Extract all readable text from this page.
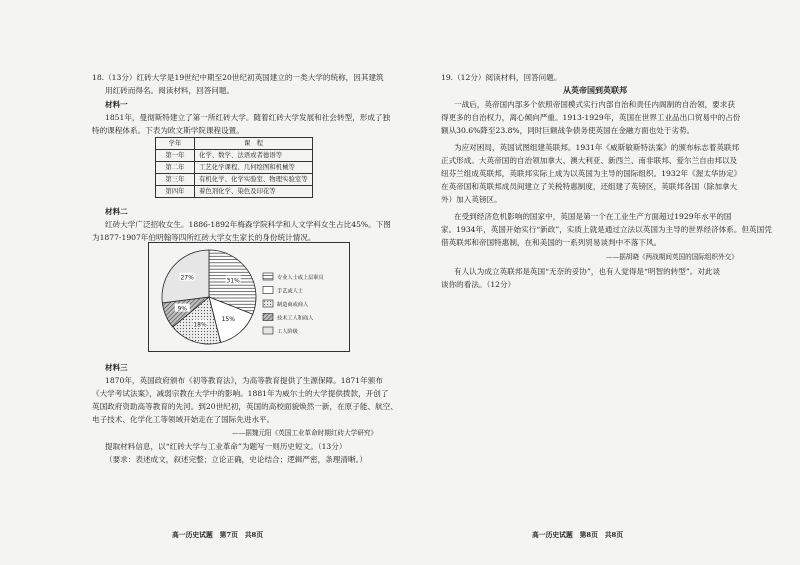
18.（13分）红砖大学是19世纪中期至20世纪初英国建立的一类大学的统称，因其建筑
用红砖而得名。阅读材料，回答问题。
材料一
1851年，曼彻斯特建立了第一所红砖大学。随着红砖大学发展和社会转型，形成了独
特的课程体系。下表为欧文斯学院课程设置。
学年	课　程
第一年	化学、数学、法语或者德语等
第二年	工艺化学课程、几何绘图和机械等
第三年	有机化学、化学实验室、物理实验室等
第四年	着色剂化学、染色及印花等
材料二
红砖大学广泛招收女生。1886-1892年梅森学院科学和人文学科女生占比45%。下图
为1877-1907年伯明翰等四所红砖大学女生家长的身份统计情况。
31%
15%
18%
9%
27%	专业人士或上层职员
手艺或人士
制造商或商人
技术工人和商人
工人阶级
材料三
1870年，英国政府颁布《初等教育法》，为高等教育提供了生源保障。1871年颁布
《大学考试法案》，减弱宗教在大学中的影响。1881年为威尔士的大学提供拨款，开创了
英国政府资助高等教育的先河。到20世纪初，英国的高校面貌焕然一新，在原子能、航空、
电子技术、化学化工等领域开始走在了国际先进水平。
——据魏元阳《英国工业革命时期红砖大学研究》
提取材料信息，以“红砖大学与工业革命”为题写一则历史短文。（13分）
（要求：表述成文，叙述完整；立论正确，史论结合；逻辑严密，条理清晰。）
高一历史试题　第7页　共8页
19.（12分）阅读材料，回答问题。
从英帝国到英联邦
一战后，英帝国内部多个依照帝国模式实行内部自治和责任内阁制的自治领，要求获
得更多的自治权力，离心倾向严重。1913-1929年，英国在世界工业品出口贸易中的占份
额从30.6%降至23.8%，同时巨额战争债务使英国在金融方面也处于劣势。
为应对困局，英国试图组建英联邦。1931年《威斯敏斯特法案》的颁布标志着英联邦
正式形成。大英帝国的自治领加拿大、澳大利亚、新西兰、南非联邦、爱尔兰自由邦以及
纽芬兰组成英联邦，英联邦实际上成为以英国为主导的国际组织。1932年《渥太华协定》
在英帝国和英联邦成员间建立了关税特惠制度，还组建了英镑区，英联邦各国（除加拿大
外）加入英镑区。
在受到经济危机影响的国家中，英国是第一个在工业生产方面超过1929年水平的国
家。1934年，英国开始实行“新政”，实质上就是通过立法以英国为主导的世界经济体系。但英国凭
借英联邦和帝国特惠制，在和美国的一系列贸易谈判中不落下风。
——据胡晓《两战期间英国的国际组织外交》
有人认为成立英联邦是英国“无奈的妥协”，也有人觉得是“明智的转型”。对此谈
谈你的看法。（12分）
高一历史试题　第8页　共8页
